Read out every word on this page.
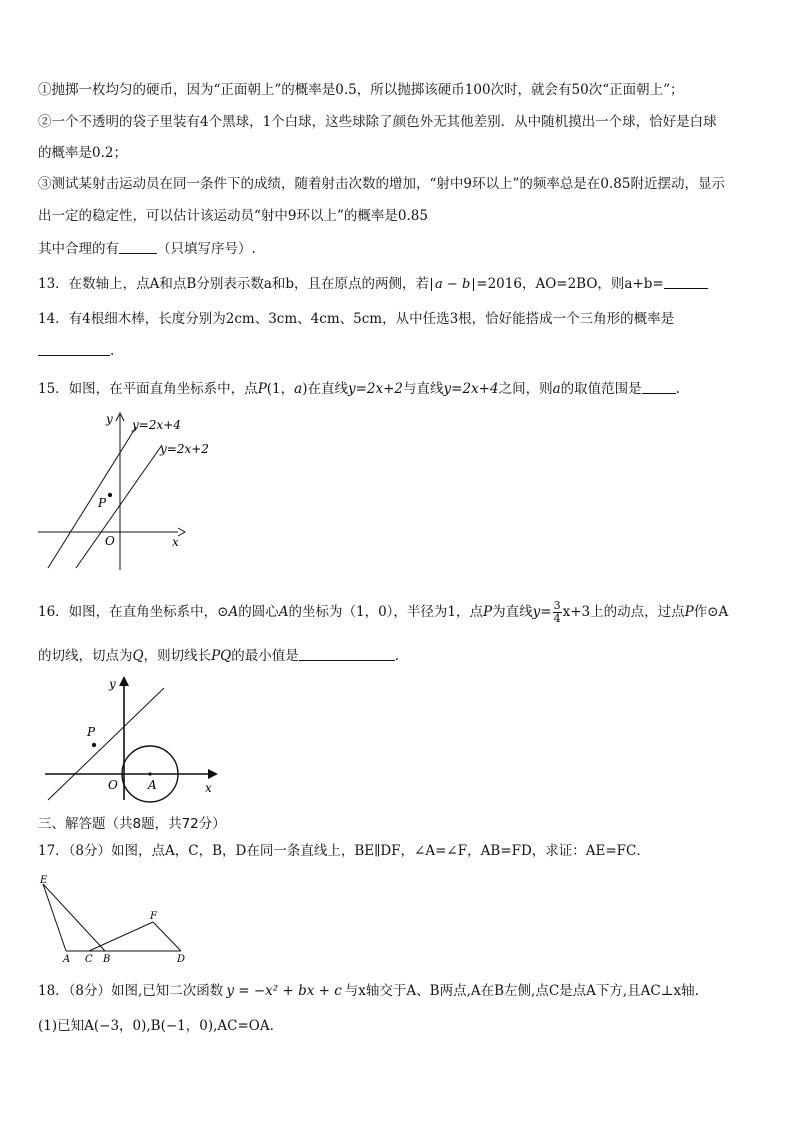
①抛掷一枚均匀的硬币，因为“正面朝上”的概率是0.5，所以抛掷该硬币100次时，就会有50次“正面朝上”；
②一个不透明的袋子里装有4个黑球，1个白球，这些球除了颜色外无其他差别．从中随机摸出一个球，恰好是白球
的概率是0.2；
③测试某射击运动员在同一条件下的成绩，随着射击次数的增加，“射中9环以上”的频率总是在0.85附近摆动，显示
出一定的稳定性，可以估计该运动员“射中9环以上”的概率是0.85
其中合理的有	（只填写序号）.
13．在数轴上，点A和点B分别表示数a和b，且在原点的两侧，若 a − b =2016，AO=2BO，则a+b=
14．有4根细木棒，长度分别为2cm、3cm、4cm、5cm，从中任选3根，恰好能搭成一个三角形的概率是
.
15．如图，在平面直角坐标系中，点P(1，a)在直线y=2x+2与直线y=2x+4之间，则a的取值范围是	.
P
y
x
O
y=2x+4
y=2x+2
16．如图，在直角坐标系中，⊙A的圆心A的坐标为（1，0），半径为1，点P为直线$y= \frac{3}{4} x+3$上的动点，过点P作⊙A
的切线，切点为Q，则切线长PQ的最小值是	.
P
y
x
O	A
三、解答题（共8题，共72分）
17．（8分）如图，点A，C，B，D在同一条直线上，BE∥DF，∠A=∠F，AB=FD，求证：AE=FC．
E
F
A C B	D
18．（8分）如图,已知二次函数 y = −x² + bx + c 与x轴交于A、B两点,A在B左侧,点C是点A下方,且AC⊥x轴.
(1)已知A(−3，0),B(−1，0),AC=OA.
